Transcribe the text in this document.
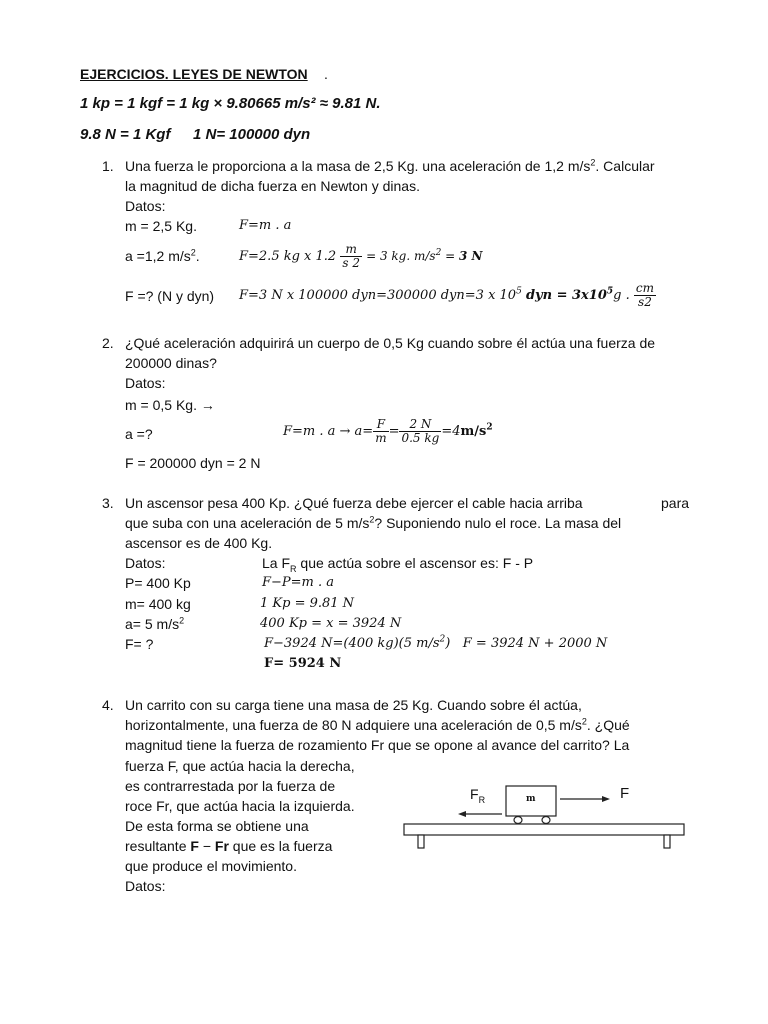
EJERCICIOS. LEYES DE NEWTON .
1 kp = 1 kgf = 1 kg × 9.80665 m/s² ≈ 9.81 N.
9.8 N = 1 Kgf 1 N= 100000 dyn
1. Una fuerza le proporciona a la masa de 2,5 Kg. una aceleración de 1,2 $m/s^2$. Calcular
la magnitud de dicha fuerza en Newton y dinas.
Datos:
m = 2,5 Kg.	F=m . a
a =1,2 $m/s^2$.	F=2.5 kg x $1.2 \frac{m}{s 2} = 3$ kg. $m/s^2 = 3$ N
F =? (N y dyn) F=3 N x 100000 dyn=300000 dyn=3 x $10^5$ dyn = $3x10^5g$ . $\frac{cm}{s2}$
2. ¿Qué aceleración adquirirá un cuerpo de 0,5 Kg cuando sobre él actúa una fuerza de
200000 dinas?
Datos:
m = 0,5 Kg. →
a =?	F=m . $a \to a= \frac{F}{m} = \frac{2 N}{0.5 kg} =4m/s^2$
F = 200000 dyn = 2 N
3. Un ascensor pesa 400 Kp. ¿Qué fuerza debe ejercer el cable hacia arriba	para
que suba con una aceleración de 5 $m/s^2$? Suponiendo nulo el roce. La masa del
ascensor es de 400 Kg.
Datos:	La $F_R$ que actúa sobre el ascensor es: F - P
P= 400 Kp	F−P=m . a
m= 400 kg	1 Kp = 9.81 N
a= 5 $m/s^2$	400 Kp = x = 3924 N
F= ?	F−3924 N=(400 kg)(5 $m/s^2$) F = 3924 N + 2000 N
F= 5924 N
4. Un carrito con su carga tiene una masa de 25 Kg. Cuando sobre él actúa,
horizontalmente, una fuerza de 80 N adquiere una aceleración de 0,5 $m/s^2$. ¿Qué
magnitud tiene la fuerza de rozamiento Fr que se opone al avance del carrito? La
fuerza F, que actúa hacia la derecha,
es contrarrestada por la fuerza de
roce Fr, que actúa hacia la izquierda.
De esta forma se obtiene una
resultante F − Fr que es la fuerza
que produce el movimiento.
Datos:
$F_R$	m	F
